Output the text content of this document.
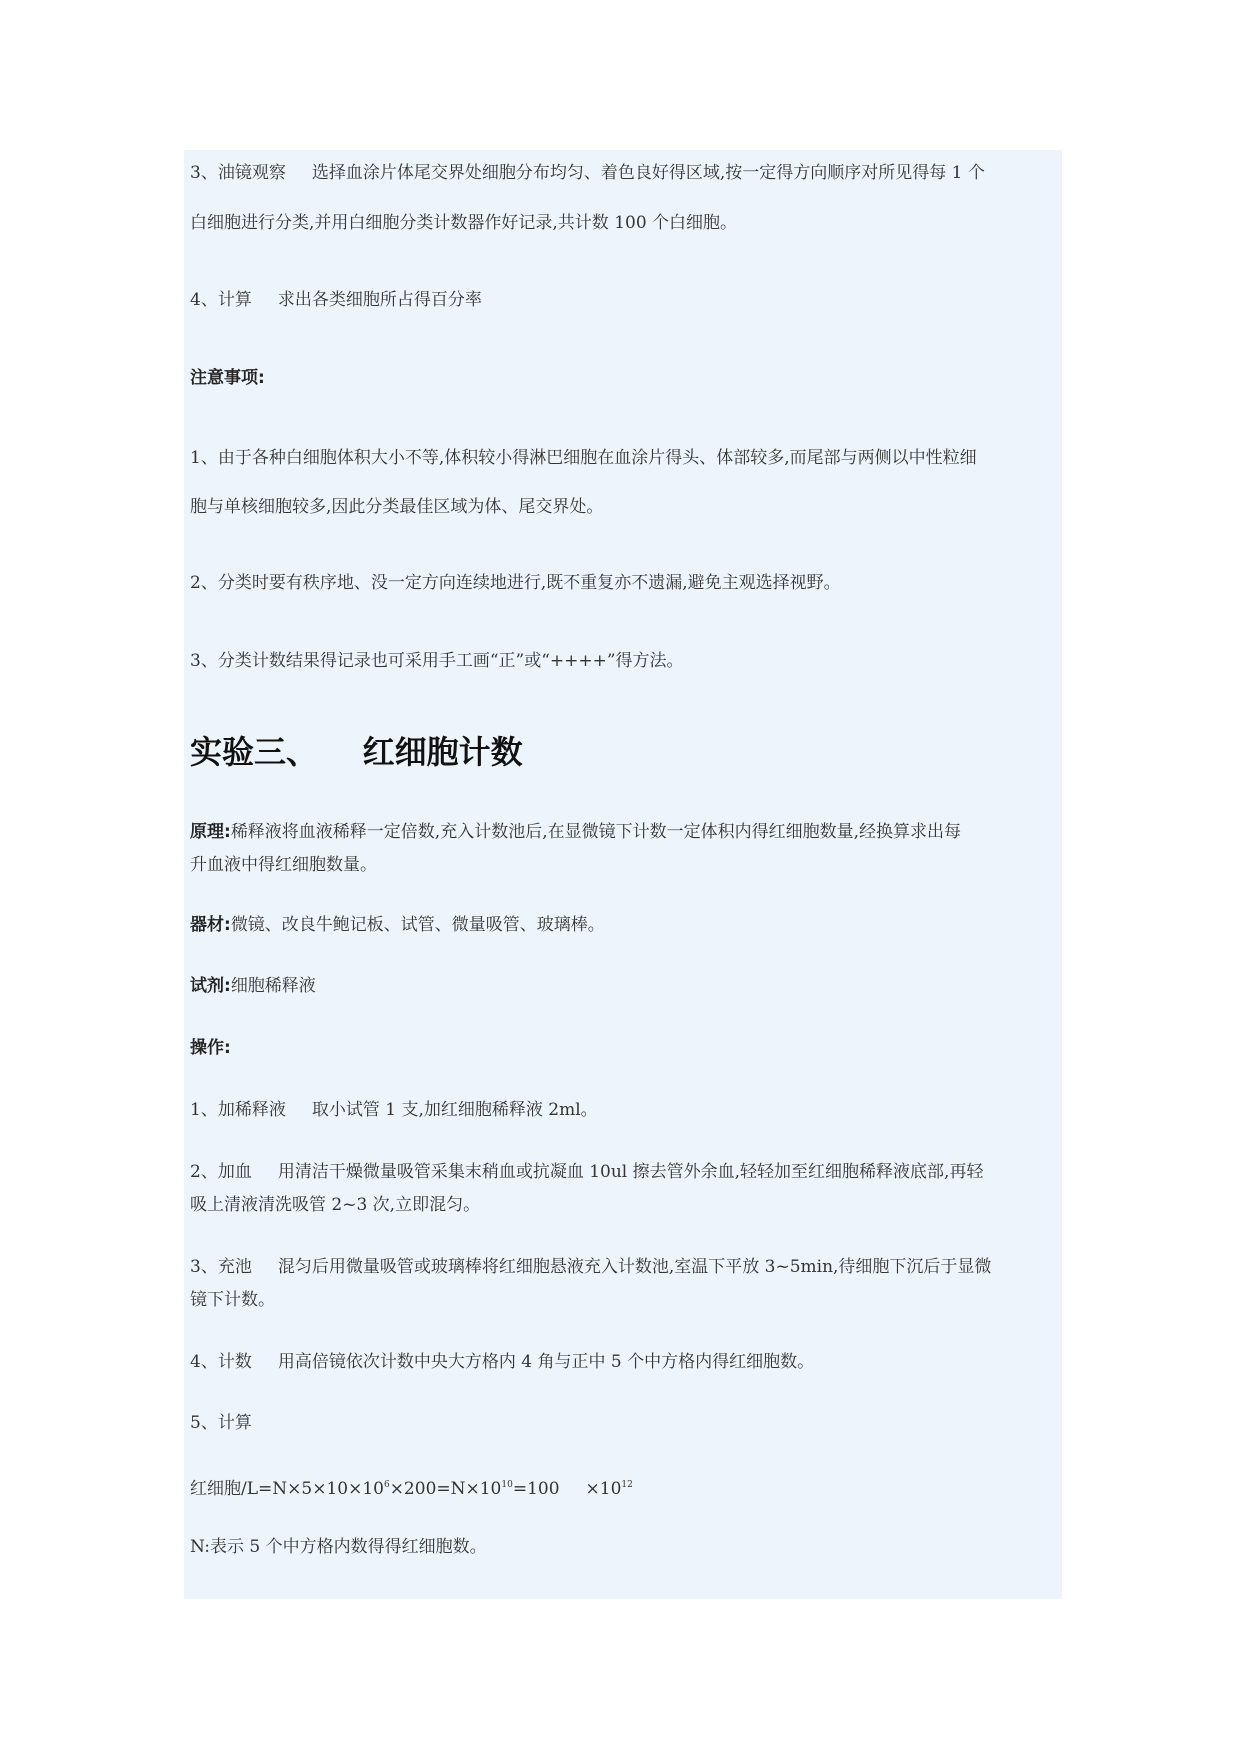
3、油镜观察 选择血涂片体尾交界处细胞分布均匀、着色良好得区域,按一定得方向顺序对所见得每 1 个
白细胞进行分类,并用白细胞分类计数器作好记录,共计数 100 个白细胞。
4、计算 求出各类细胞所占得百分率
注意事项:
1、由于各种白细胞体积大小不等,体积较小得淋巴细胞在血涂片得头、体部较多,而尾部与两侧以中性粒细
胞与单核细胞较多,因此分类最佳区域为体、尾交界处。
2、分类时要有秩序地、没一定方向连续地进行,既不重复亦不遗漏,避免主观选择视野。
3、分类计数结果得记录也可采用手工画“正”或“++++”得方法。
实验三、 红细胞计数
原理:稀释液将血液稀释一定倍数,充入计数池后,在显微镜下计数一定体积内得红细胞数量,经换算求出每
升血液中得红细胞数量。
器材:微镜、改良牛鲍记板、试管、微量吸管、玻璃棒。
试剂:细胞稀释液
操作:
1、加稀释液 取小试管 1 支,加红细胞稀释液 2ml。
2、加血 用清洁干燥微量吸管采集末稍血或抗凝血 10ul 擦去管外余血,轻轻加至红细胞稀释液底部,再轻
吸上清液清洗吸管 2~3 次,立即混匀。
3、充池 混匀后用微量吸管或玻璃棒将红细胞悬液充入计数池,室温下平放 3~5min,待细胞下沉后于显微
镜下计数。
4、计数 用高倍镜依次计数中央大方格内 4 角与正中 5 个中方格内得红细胞数。
5、计算
红细胞$/L=N\times 5\times 10\times 10^6\times 200=N\times 10^{10}=100 \times 10^{12}$
N:表示 5 个中方格内数得得红细胞数。
